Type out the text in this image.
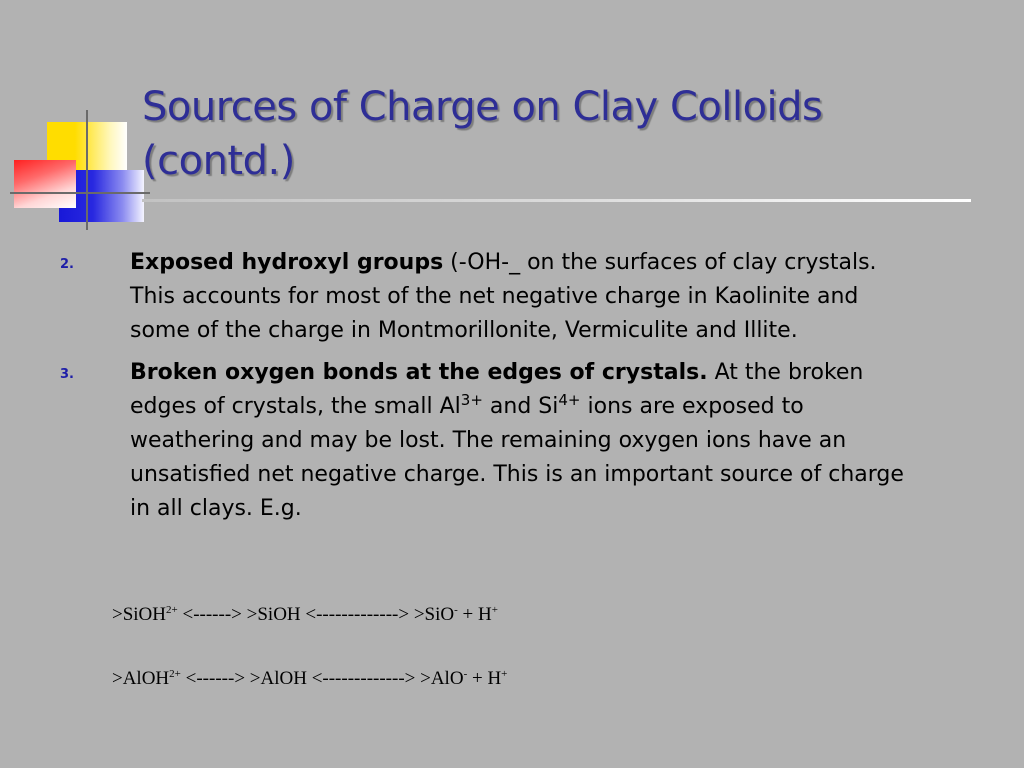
Sources of Charge on Clay Colloids
(contd.)
2.	Exposed hydroxyl groups (-OH-_ on the surfaces of clay crystals. This accounts for most of the net negative charge in Kaolinite and some of the charge in Montmorillonite, Vermiculite and Illite.
3.	Broken oxygen bonds at the edges of crystals. At the broken edges of crystals, the small $Al^{3+}$ and $Si^{4+}$ ions are exposed to weathering and may be lost. The remaining oxygen ions have an unsatisfied net negative charge. This is an important source of charge in all clays. E.g.
>SiOH$^{2+}$ <------> >SiOH <-------------> >SiO- + H+
>AlOH$^{2+}$ <------> >AlOH <-------------> >AlO- + H+
